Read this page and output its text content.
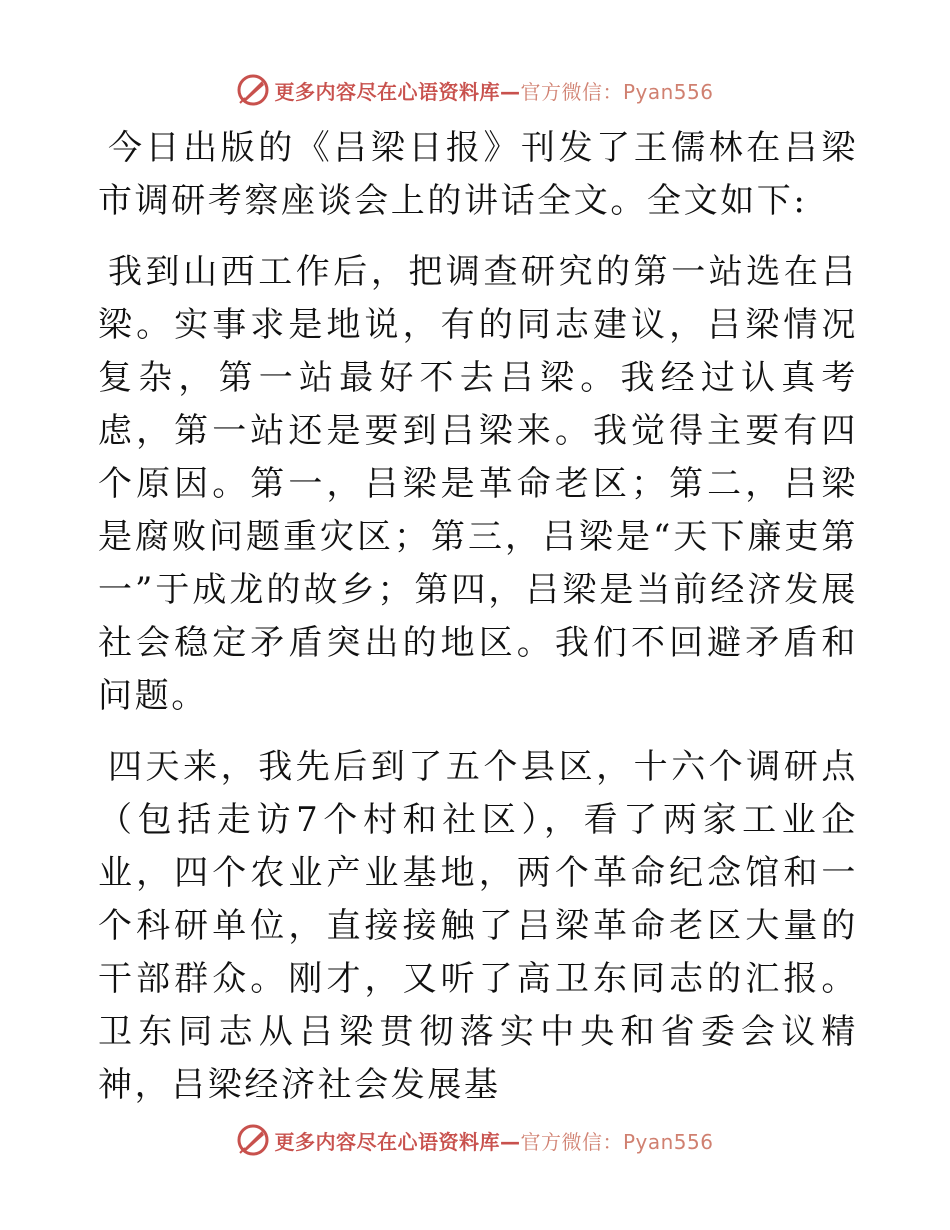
更多内容尽在心语资料库—官方微信：Pyan556

今日出版的《吕梁日报》刊发了王儒林在吕梁市调研考察座谈会上的讲话全文。全文如下:

我到山西工作后，把调查研究的第一站选在吕梁。实事求是地说，有的同志建议，吕梁情况复杂，第一站最好不去吕梁。我经过认真考虑，第一站还是要到吕梁来。我觉得主要有四个原因。第一，吕梁是革命老区；第二，吕梁是腐败问题重灾区；第三，吕梁是“天下廉吏第一”于成龙的故乡；第四，吕梁是当前经济发展社会稳定矛盾突出的地区。我们不回避矛盾和问题。

四天来，我先后到了五个县区，十六个调研点（包括走访7个村和社区），看了两家工业企业，四个农业产业基地，两个革命纪念馆和一个科研单位，直接接触了吕梁革命老区大量的干部群众。刚才，又听了高卫东同志的汇报。卫东同志从吕梁贯彻落实中央和省委会议精神，吕梁经济社会发展基

更多内容尽在心语资料库—官方微信：Pyan556
